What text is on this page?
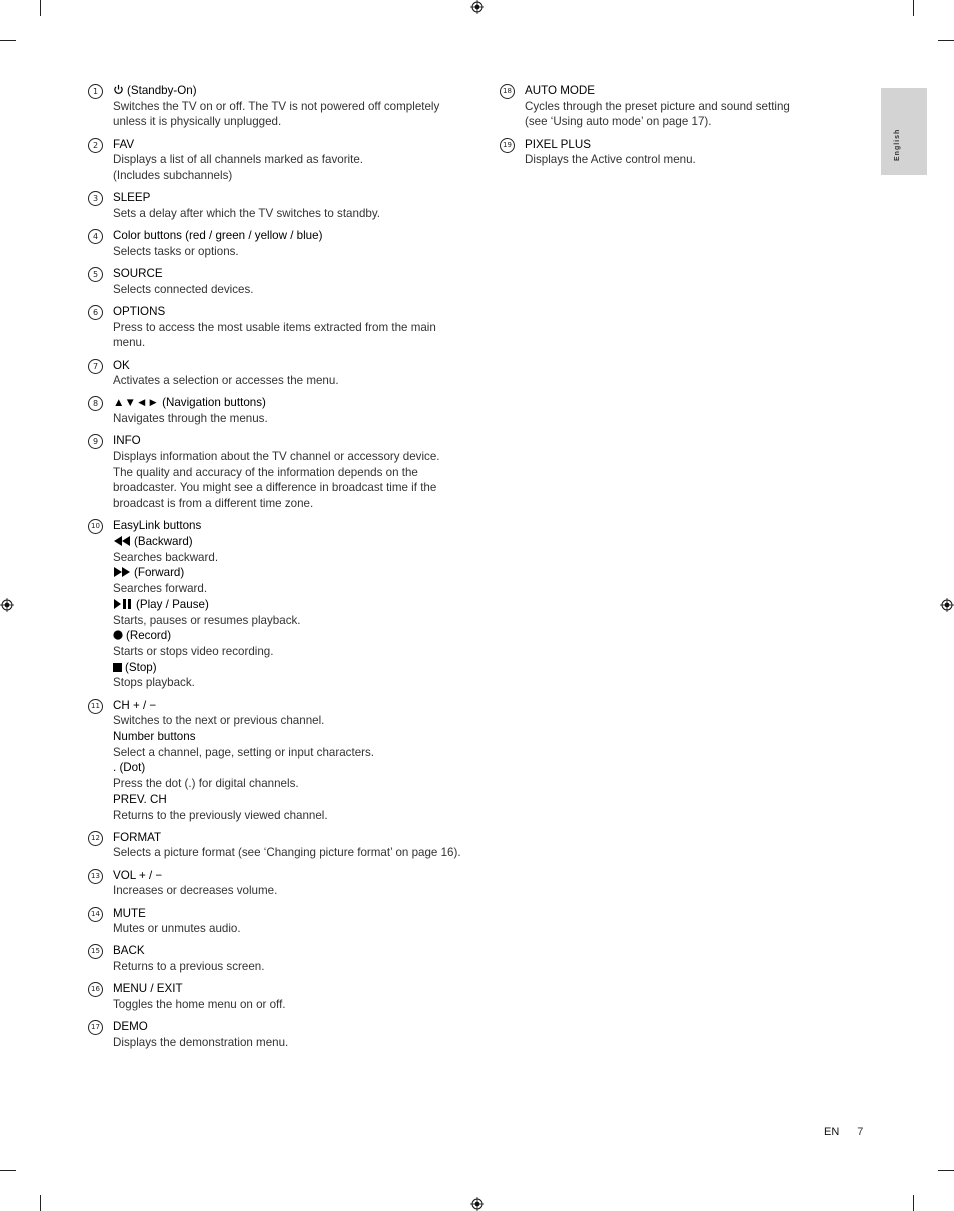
1	(Standby-On)
Switches the TV on or off. The TV is not powered off completely
unless it is physically unplugged.
2	FAV
Displays a list of all channels marked as favorite.
(Includes subchannels)
3	SLEEP
Sets a delay after which the TV switches to standby.
4	Color buttons (red / green / yellow / blue)
Selects tasks or options.
5	SOURCE
Selects connected devices.
6	OPTIONS
Press to access the most usable items extracted from the main
menu.
7	OK
Activates a selection or accesses the menu.
8	▲▼◄► (Navigation buttons)
Navigates through the menus.
9	INFO
Displays information about the TV channel or accessory device.
The quality and accuracy of the information depends on the
broadcaster. You might see a difference in broadcast time if the
broadcast is from a different time zone.
10 EasyLink buttons
(Backward)
Searches backward.
(Forward)
Searches forward.
(Play / Pause)
Starts, pauses or resumes playback.
(Record)
Starts or stops video recording.
(Stop)
Stops playback.
11 CH + / −
Switches to the next or previous channel.
Number buttons
Select a channel, page, setting or input characters.
. (Dot)
Press the dot (.) for digital channels.
PREV. CH
Returns to the previously viewed channel.
12 FORMAT
Selects a picture format (see ‘Changing picture format’ on page 16).
13 VOL + / −
Increases or decreases volume.
14 MUTE
Mutes or unmutes audio.
15 BACK
Returns to a previous screen.
16 MENU / EXIT
Toggles the home menu on or off.
17 DEMO
Displays the demonstration menu.
18 AUTO MODE
Cycles through the preset picture and sound setting
(see ‘Using auto mode’ on page 17).
19 PIXEL PLUS
Displays the Active control menu.	English
EN 7
